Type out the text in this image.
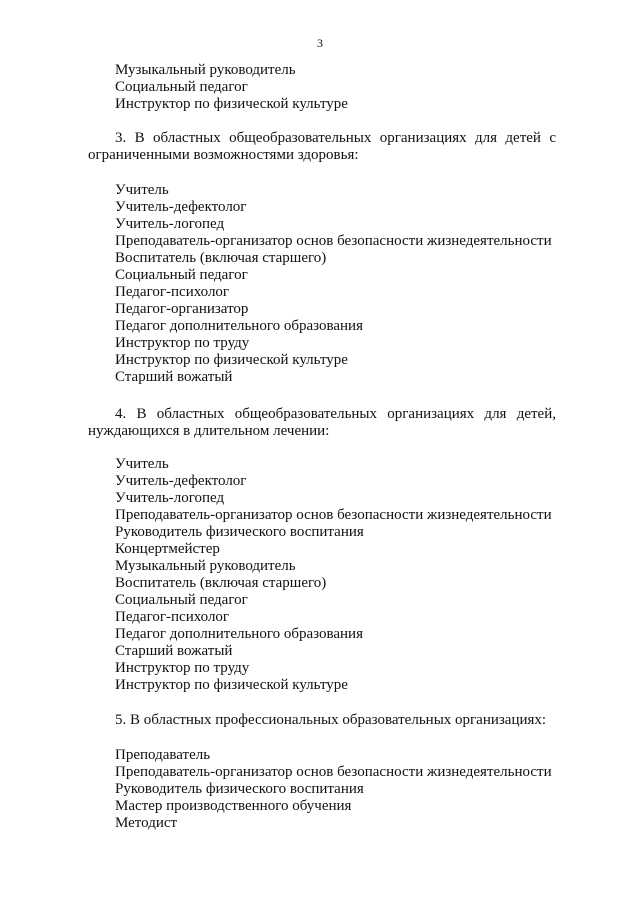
3
Музыкальный руководитель
Социальный педагог
Инструктор по физической культуре
3. В областных общеобразовательных организациях для детей с
ограниченными возможностями здоровья:
Учитель
Учитель-дефектолог
Учитель-логопед
Преподаватель-организатор основ безопасности жизнедеятельности
Воспитатель (включая старшего)
Социальный педагог
Педагог-психолог
Педагог-организатор
Педагог дополнительного образования
Инструктор по труду
Инструктор по физической культуре
Старший вожатый
4. В областных общеобразовательных организациях для детей,
нуждающихся в длительном лечении:
Учитель
Учитель-дефектолог
Учитель-логопед
Преподаватель-организатор основ безопасности жизнедеятельности
Руководитель физического воспитания
Концертмейстер
Музыкальный руководитель
Воспитатель (включая старшего)
Социальный педагог
Педагог-психолог
Педагог дополнительного образования
Старший вожатый
Инструктор по труду
Инструктор по физической культуре
5. В областных профессиональных образовательных организациях:
Преподаватель
Преподаватель-организатор основ безопасности жизнедеятельности
Руководитель физического воспитания
Мастер производственного обучения
Методист
